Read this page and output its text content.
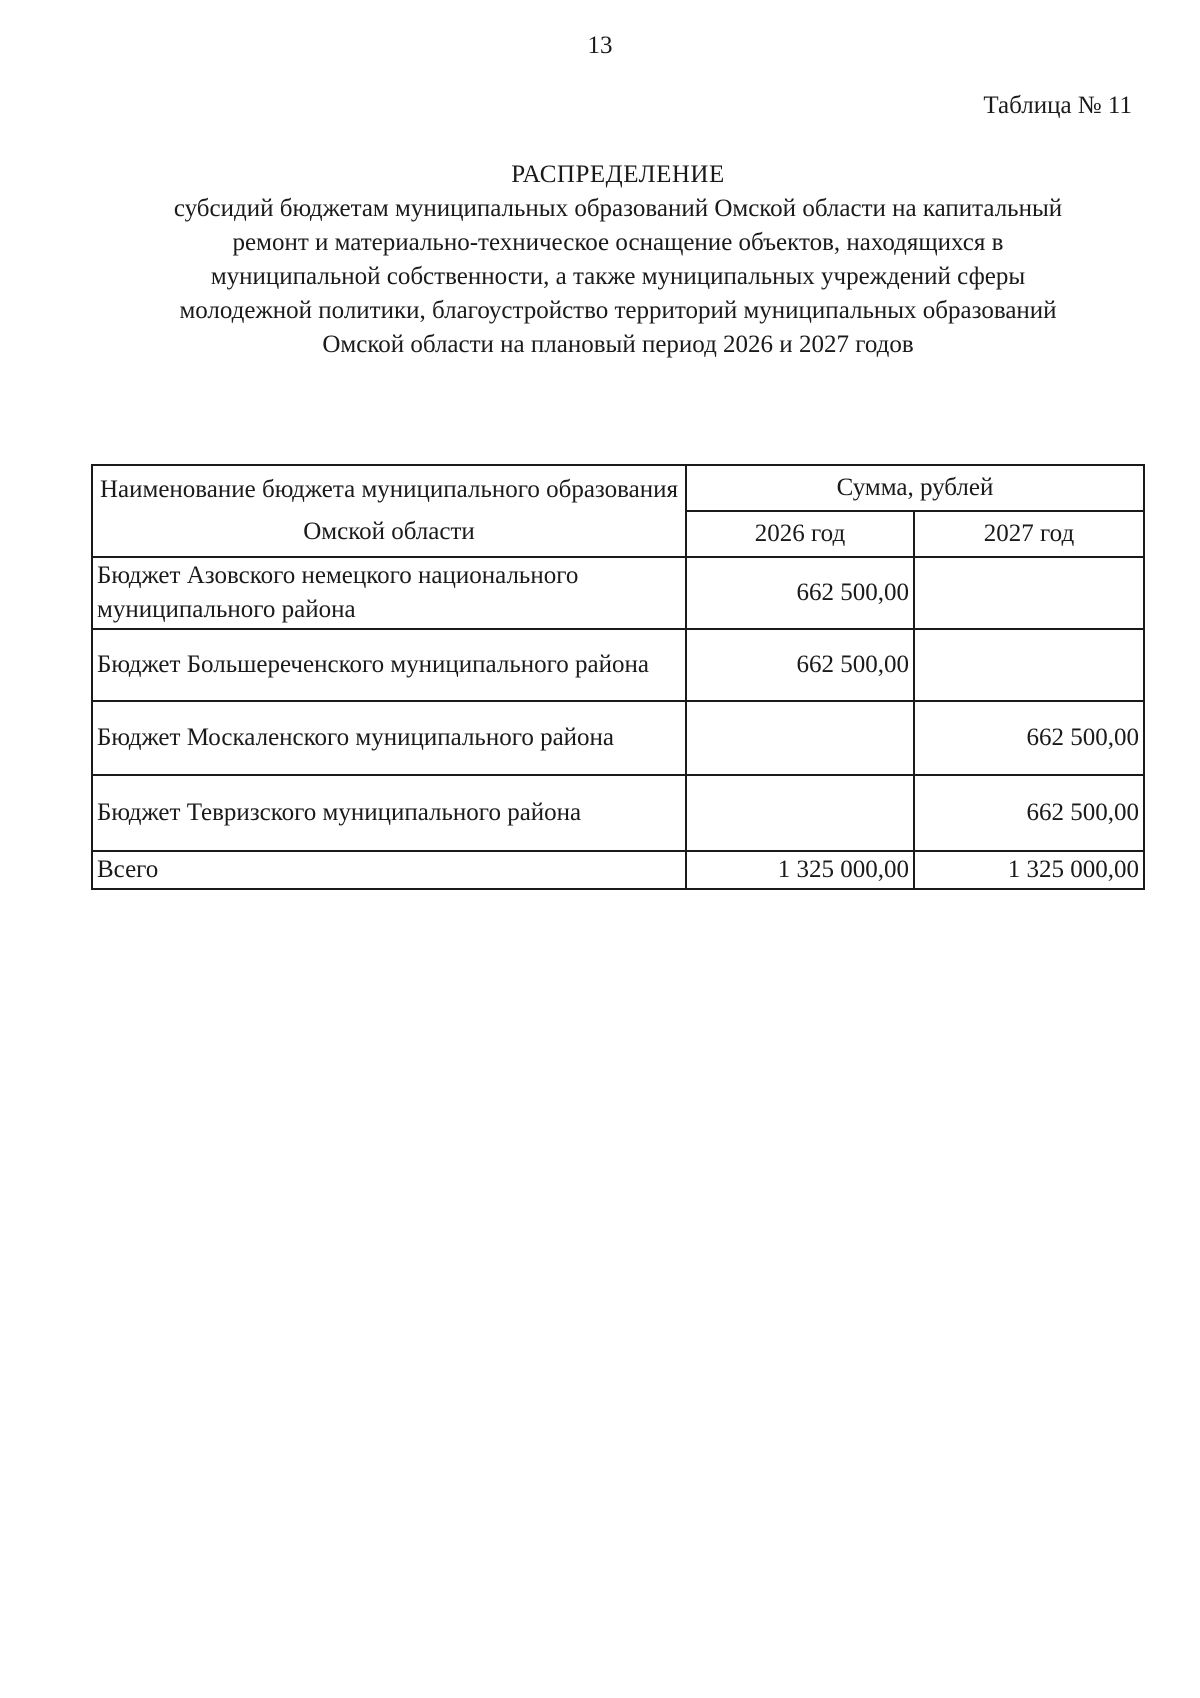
13
Таблица № 11
РАСПРЕДЕЛЕНИЕ
субсидий бюджетам муниципальных образований Омской области на капитальный
ремонт и материально-техническое оснащение объектов, находящихся в
муниципальной собственности, а также муниципальных учреждений сферы
молодежной политики, благоустройство территорий муниципальных образований
Омской области на плановый период 2026 и 2027 годов
Наименование бюджета муниципального образования Омской области	Сумма, рублей	
	2026 год	2027 год
Бюджет Азовского немецкого национального муниципального района	662 500,00	
Бюджет Большереченского муниципального района	662 500,00	
Бюджет Москаленского муниципального района		662 500,00
Бюджет Тевризского муниципального района		662 500,00
Всего	1 325 000,00	1 325 000,00
